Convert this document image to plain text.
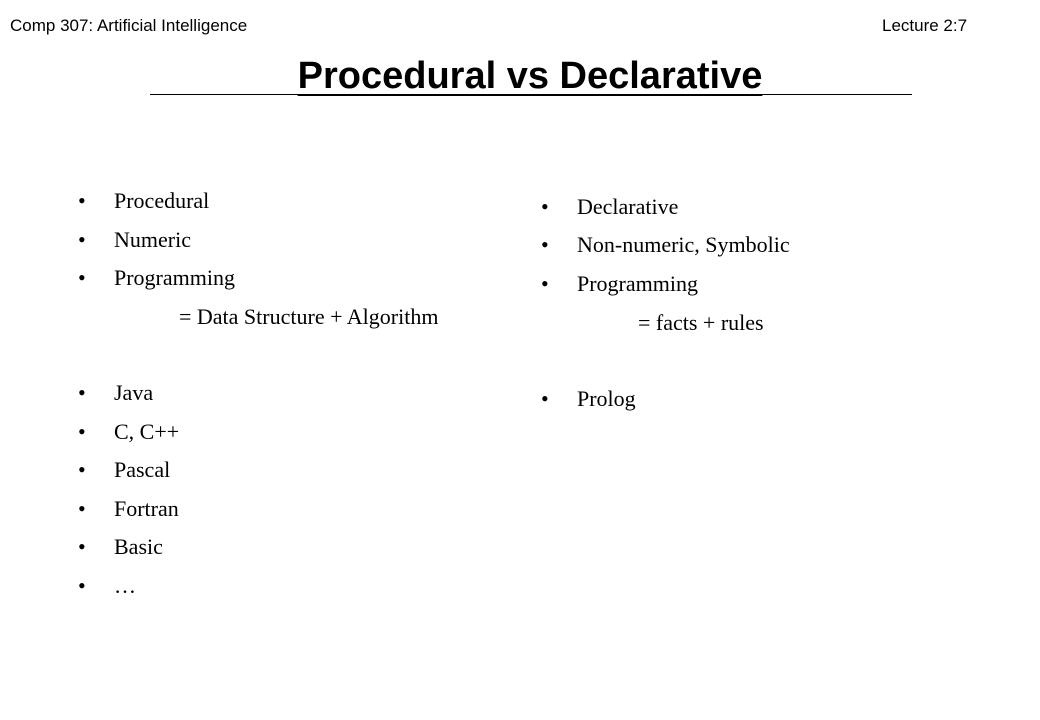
Comp 307: Artificial Intelligence	Lecture 2:7
Procedural vs Declarative
• Procedural
• Numeric
• Programming
• Java
• C, C++
• Pascal
• Fortran
• Basic
• …
= Data Structure + Algorithm
• Declarative
• Non-numeric, Symbolic
• Programming
• Prolog
= facts + rules
